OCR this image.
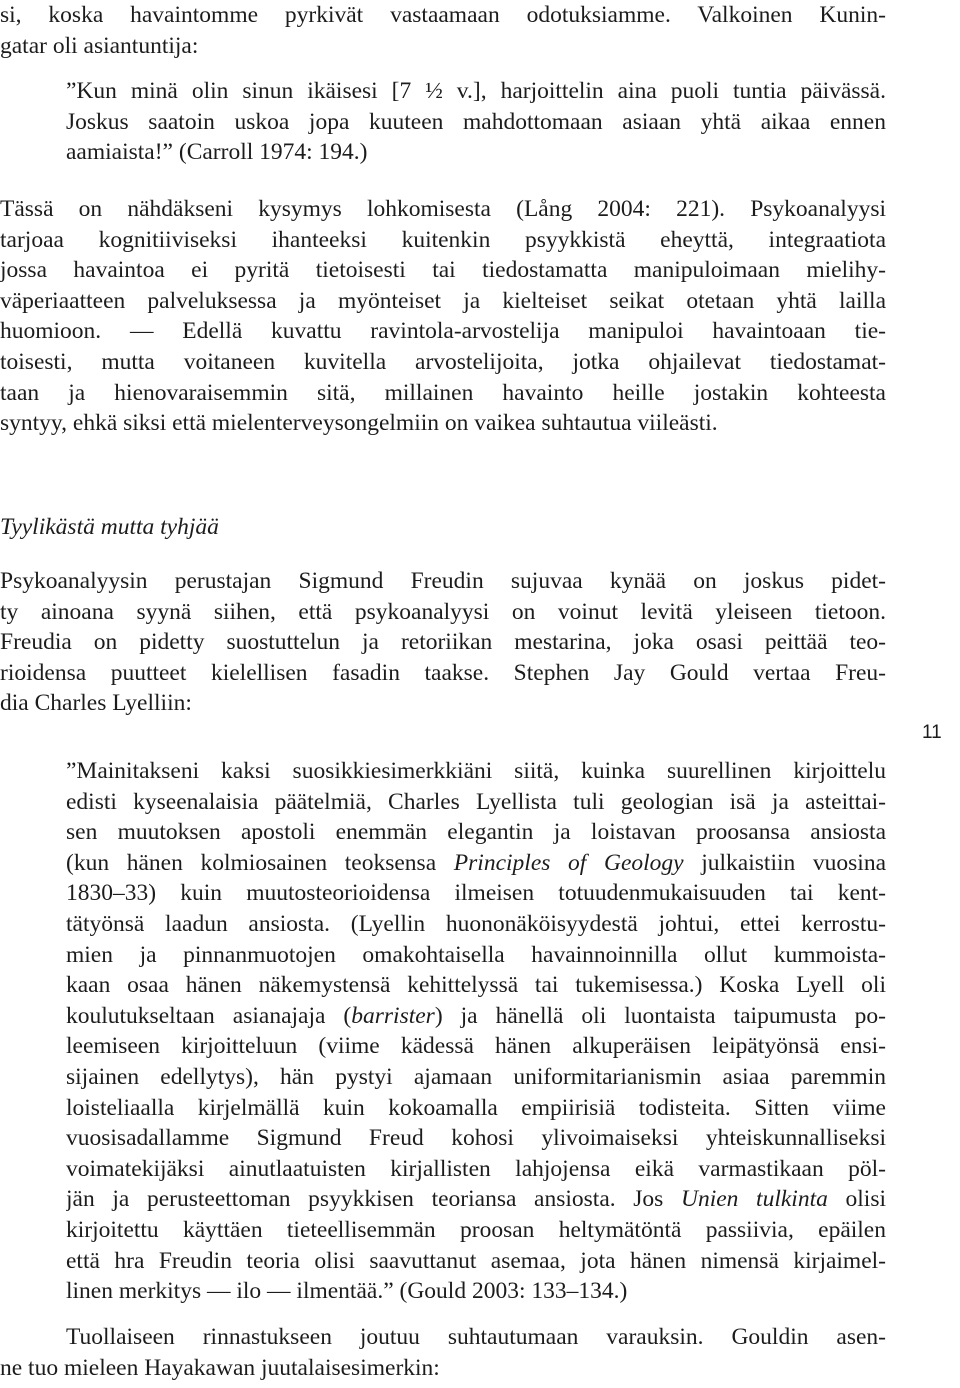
si, koska havaintomme pyrkivät vastaamaan odotuksiamme. Valkoinen Kunin-
gatar oli asiantuntija:
”Kun minä olin sinun ikäisesi [7 ½ v.], harjoittelin aina puoli tuntia päivässä.
Joskus saatoin uskoa jopa kuuteen mahdottomaan asiaan yhtä aikaa ennen
aamiaista!” (Carroll 1974: 194.)
Tässä on nähdäkseni kysymys lohkomisesta (Lång 2004: 221). Psykoanalyysi
tarjoaa kognitiiviseksi ihanteeksi kuitenkin psyykkistä eheyttä, integraatiota
jossa havaintoa ei pyritä tietoisesti tai tiedostamatta manipuloimaan mielihy-
väperiaatteen palveluksessa ja myönteiset ja kielteiset seikat otetaan yhtä lailla
huomioon. — Edellä kuvattu ravintola-arvostelija manipuloi havaintoaan tie-
toisesti, mutta voitaneen kuvitella arvostelijoita, jotka ohjailevat tiedostamat-
taan ja hienovaraisemmin sitä, millainen havainto heille jostakin kohteesta
syntyy, ehkä siksi että mielenterveysongelmiin on vaikea suhtautua viileästi.
Tyylikästä mutta tyhjää
Psykoanalyysin perustajan Sigmund Freudin sujuvaa kynää on joskus pidet-
ty ainoana syynä siihen, että psykoanalyysi on voinut levitä yleiseen tietoon.
Freudia on pidetty suostuttelun ja retoriikan mestarina, joka osasi peittää teo-
rioidensa puutteet kielellisen fasadin taakse. Stephen Jay Gould vertaa Freu-
dia Charles Lyelliin:
11
”Mainitakseni kaksi suosikkiesimerkkiäni siitä, kuinka suurellinen kirjoittelu
edisti kyseenalaisia päätelmiä, Charles Lyellista tuli geologian isä ja asteittai-
sen muutoksen apostoli enemmän elegantin ja loistavan proosansa ansiosta
(kun hänen kolmiosainen teoksensa Principles of Geology julkaistiin vuosina
1830–33) kuin muutosteorioidensa ilmeisen totuudenmukaisuuden tai kent-
tätyönsä laadun ansiosta. (Lyellin huononäköisyydestä johtui, ettei kerrostu-
mien ja pinnanmuotojen omakohtaisella havainnoinnilla ollut kummoista-
kaan osaa hänen näkemystensä kehittelyssä tai tukemisessa.) Koska Lyell oli
koulutukseltaan asianajaja (barrister) ja hänellä oli luontaista taipumusta po-
leemiseen kirjoitteluun (viime kädessä hänen alkuperäisen leipätyönsä ensi-
sijainen edellytys), hän pystyi ajamaan uniformitarianismin asiaa paremmin
loisteliaalla kirjelmällä kuin kokoamalla empiirisiä todisteita. Sitten viime
vuosisadallamme Sigmund Freud kohosi ylivoimaiseksi yhteiskunnalliseksi
voimatekijäksi ainutlaatuisten kirjallisten lahjojensa eikä varmastikaan pöl-
jän ja perusteettoman psyykkisen teoriansa ansiosta. Jos Unien tulkinta olisi
kirjoitettu käyttäen tieteellisemmän proosan heltymätöntä passiivia, epäilen
että hra Freudin teoria olisi saavuttanut asemaa, jota hänen nimensä kirjaimel-
linen merkitys — ilo — ilmentää.” (Gould 2003: 133–134.)
Tuollaiseen rinnastukseen joutuu suhtautumaan varauksin. Gouldin asen-
ne tuo mieleen Hayakawan juutalaisesimerkin:
